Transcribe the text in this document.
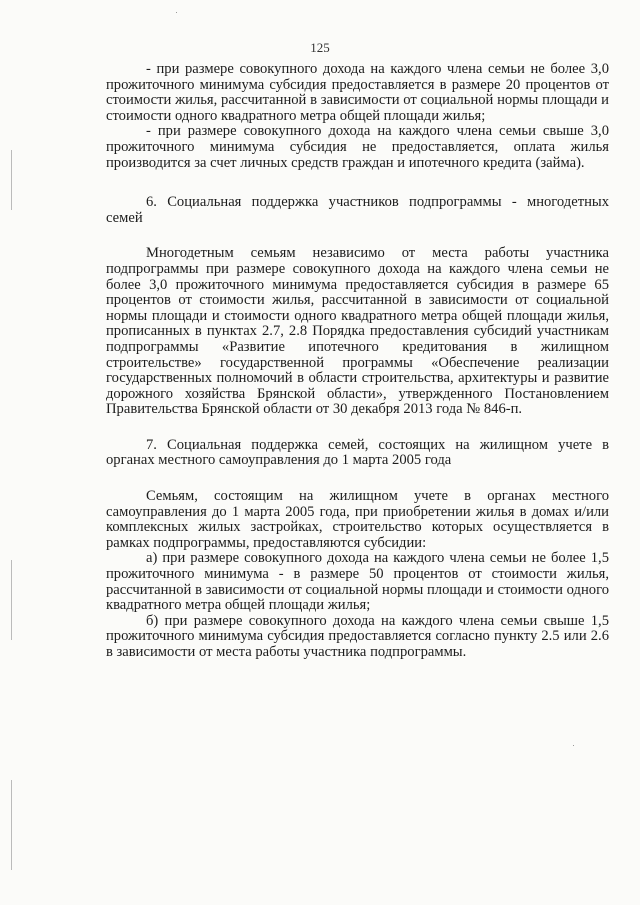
125

- при размере совокупного дохода на каждого члена семьи не более 3,0 прожиточного минимума субсидия предоставляется в размере 20 процентов от стоимости жилья, рассчитанной в зависимости от социальной нормы площади и стоимости одного квадратного метра общей площади жилья;

- при размере совокупного дохода на каждого члена семьи свыше 3,0 прожиточного минимума субсидия не предоставляется, оплата жилья производится за счет личных средств граждан и ипотечного кредита (займа).

6. Социальная поддержка участников подпрограммы - многодетных семей

Многодетным семьям независимо от места работы участника подпрограммы при размере совокупного дохода на каждого члена семьи не более 3,0 прожиточного минимума предоставляется субсидия в размере 65 процентов от стоимости жилья, рассчитанной в зависимости от социальной нормы площади и стоимости одного квадратного метра общей площади жилья, прописанных в пунктах 2.7, 2.8 Порядка предоставления субсидий участникам подпрограммы «Развитие ипотечного кредитования в жилищном строительстве» государственной программы «Обеспечение реализации государственных полномочий в области строительства, архитектуры и развитие дорожного хозяйства Брянской области», утвержденного Постановлением Правительства Брянской области от 30 декабря 2013 года № 846-п.

7. Социальная поддержка семей, состоящих на жилищном учете в органах местного самоуправления до 1 марта 2005 года

Семьям, состоящим на жилищном учете в органах местного самоуправления до 1 марта 2005 года, при приобретении жилья в домах и/или комплексных жилых застройках, строительство которых осуществляется в рамках подпрограммы, предоставляются субсидии:

а) при размере совокупного дохода на каждого члена семьи не более 1,5 прожиточного минимума - в размере 50 процентов от стоимости жилья, рассчитанной в зависимости от социальной нормы площади и стоимости одного квадратного метра общей площади жилья;

б) при размере совокупного дохода на каждого члена семьи свыше 1,5 прожиточного минимума субсидия предоставляется согласно пункту 2.5 или 2.6 в зависимости от места работы участника подпрограммы.
